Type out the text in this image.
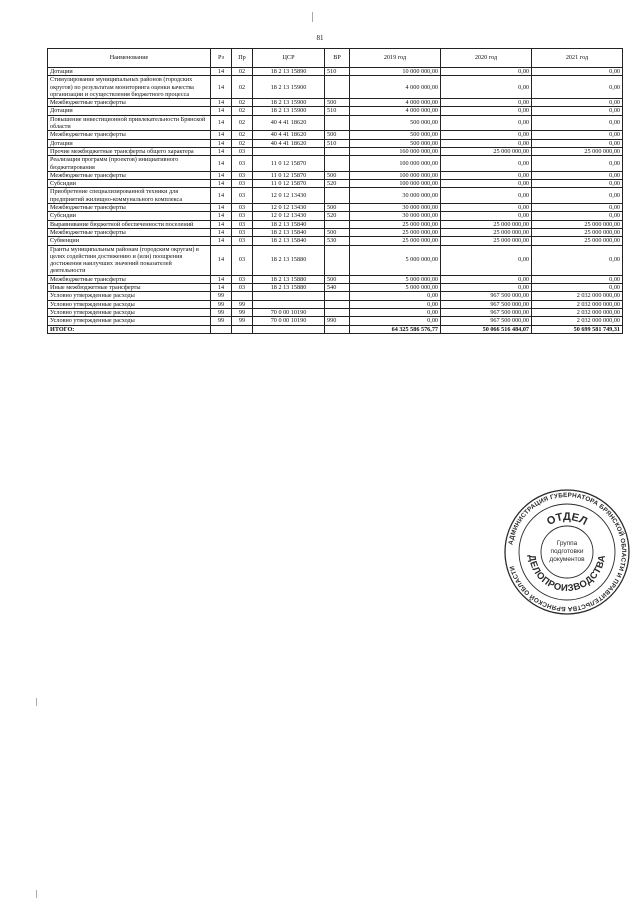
81
Наименование	Рз	Пр	ЦСР	ВР	2019 год	2020 год	2021 год
Дотации	14	02	18 2 13 15890	510	10 000 000,00	0,00	0,00
Стимулирование муниципальных районов (городских округов) по результатам мониторинга оценки качества организации и осуществления бюджетного процесса	14	02	18 2 13 15900		4 000 000,00	0,00	0,00
Межбюджетные трансферты	14	02	18 2 13 15900	500	4 000 000,00	0,00	0,00
Дотации	14	02	18 2 13 15900	510	4 000 000,00	0,00	0,00
Повышение инвестиционной привлекательности Брянской области	14	02	40 4 41 18620		500 000,00	0,00	0,00
Межбюджетные трансферты	14	02	40 4 41 18620	500	500 000,00	0,00	0,00
Дотации	14	02	40 4 41 18620	510	500 000,00	0,00	0,00
Прочие межбюджетные трансферты общего характера	14	03			160 000 000,00	25 000 000,00	25 000 000,00
Реализация программ (проектов) инициативного бюджетирования	14	03	11 0 12 15870		100 000 000,00	0,00	0,00
Межбюджетные трансферты	14	03	11 0 12 15870	500	100 000 000,00	0,00	0,00
Субсидии	14	03	11 0 12 15870	520	100 000 000,00	0,00	0,00
Приобретение специализированной техники для предприятий жилищно-коммунального комплекса	14	03	12 0 12 13430		30 000 000,00	0,00	0,00
Межбюджетные трансферты	14	03	12 0 12 13430	500	30 000 000,00	0,00	0,00
Субсидии	14	03	12 0 12 13430	520	30 000 000,00	0,00	0,00
Выравнивание бюджетной обеспеченности поселений	14	03	18 2 13 15840		25 000 000,00	25 000 000,00	25 000 000,00
Межбюджетные трансферты	14	03	18 2 13 15840	500	25 000 000,00	25 000 000,00	25 000 000,00
Субвенции	14	03	18 2 13 15840	530	25 000 000,00	25 000 000,00	25 000 000,00
Гранты муниципальным районам (городским округам) в целях содействия достижению и (или) поощрения достижения наилучших значений показателей деятельности	14	03	18 2 13 15880		5 000 000,00	0,00	0,00
Межбюджетные трансферты	14	03	18 2 13 15880	500	5 000 000,00	0,00	0,00
Иные межбюджетные трансферты	14	03	18 2 13 15880	540	5 000 000,00	0,00	0,00
Условно утвержденные расходы	99				0,00	967 500 000,00	2 032 000 000,00
Условно утвержденные расходы	99	99			0,00	967 500 000,00	2 032 000 000,00
Условно утвержденные расходы	99	99	70 0 00 10190		0,00	967 500 000,00	2 032 000 000,00
Условно утвержденные расходы	99	99	70 0 00 10190	990	0,00	967 500 000,00	2 032 000 000,00
ИТОГО:					64 325 586 576,77	50 066 516 484,07	50 699 581 749,31
АДМИНИСТРАЦИЯ ГУБЕРНАТОРА БРЯНСКОЙ ОБЛАСТИ И ПРАВИТЕЛЬСТВА БРЯНСКОЙ ОБЛАСТИ
ОТДЕЛ
ДЕЛОПРОИЗВОДСТВА
Группа
подготовки
документов
